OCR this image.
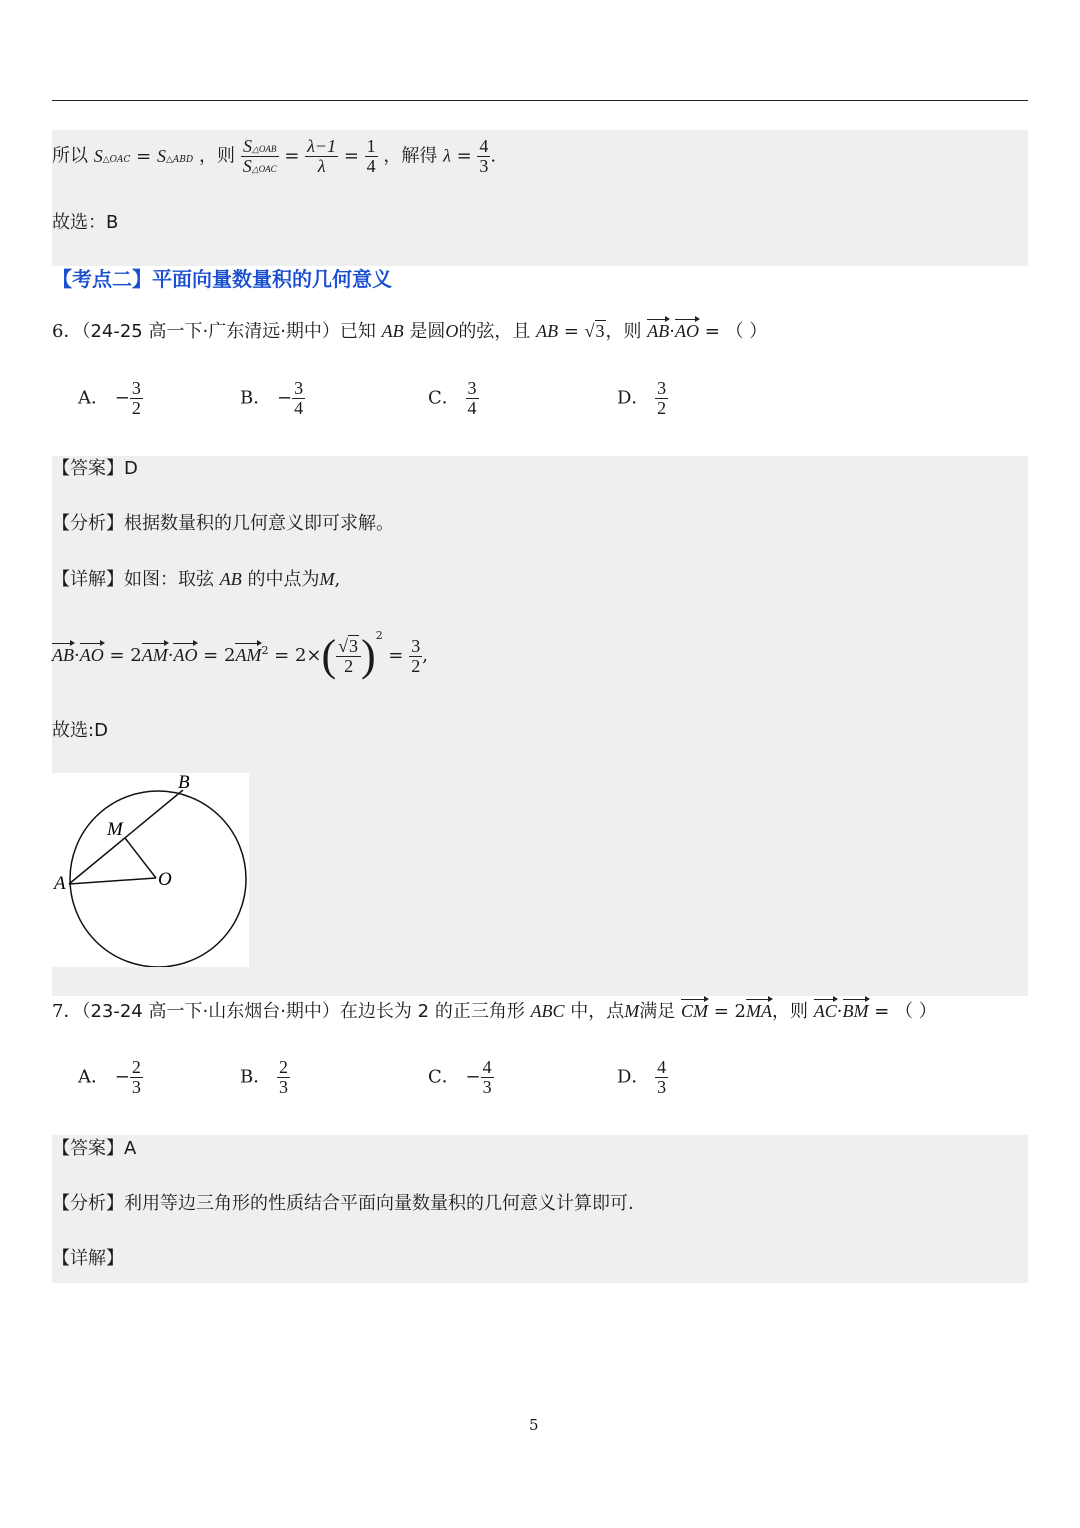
所以 S△OAC = S△ABD ，则 $\frac{\text{S△OAB}}{\text{S△OAC}} = \frac{\lambda-1}{\lambda} = \frac{1}{4}$ ，解得 $\lambda = \frac{4}{3}$ .
故选：B
【考点二】平面向量数量积的几何意义
6．（24-25 高一下·广东清远·期中）已知 AB 是圆O的弦，且 AB = √3，则 AB·AO = （ ）
A． − $\frac{3}{2}$	B． − $\frac{3}{4}$	C． $\frac{3}{4}$	D． $\frac{3}{2}$
【答案】D
【分析】根据数量积的几何意义即可求解。
【详解】如图：取弦 AB 的中点为M,
$AB\cdot AO = 2AM\cdot AO = 2AM^2 = 2\times( \frac{√3}{2} )^2 = \frac{3}{2}$ ,
故选:D
A
B
M
O
7．（23-24 高一下·山东烟台·期中）在边长为 2 的正三角形 ABC 中，点M满足 CM = 2MA，则 AC·BM = （ ）
A． − $\frac{2}{3}$	B． $\frac{2}{3}$	C． − $\frac{4}{3}$	D． $\frac{4}{3}$
【答案】A
【分析】利用等边三角形的性质结合平面向量数量积的几何意义计算即可.
【详解】
5
